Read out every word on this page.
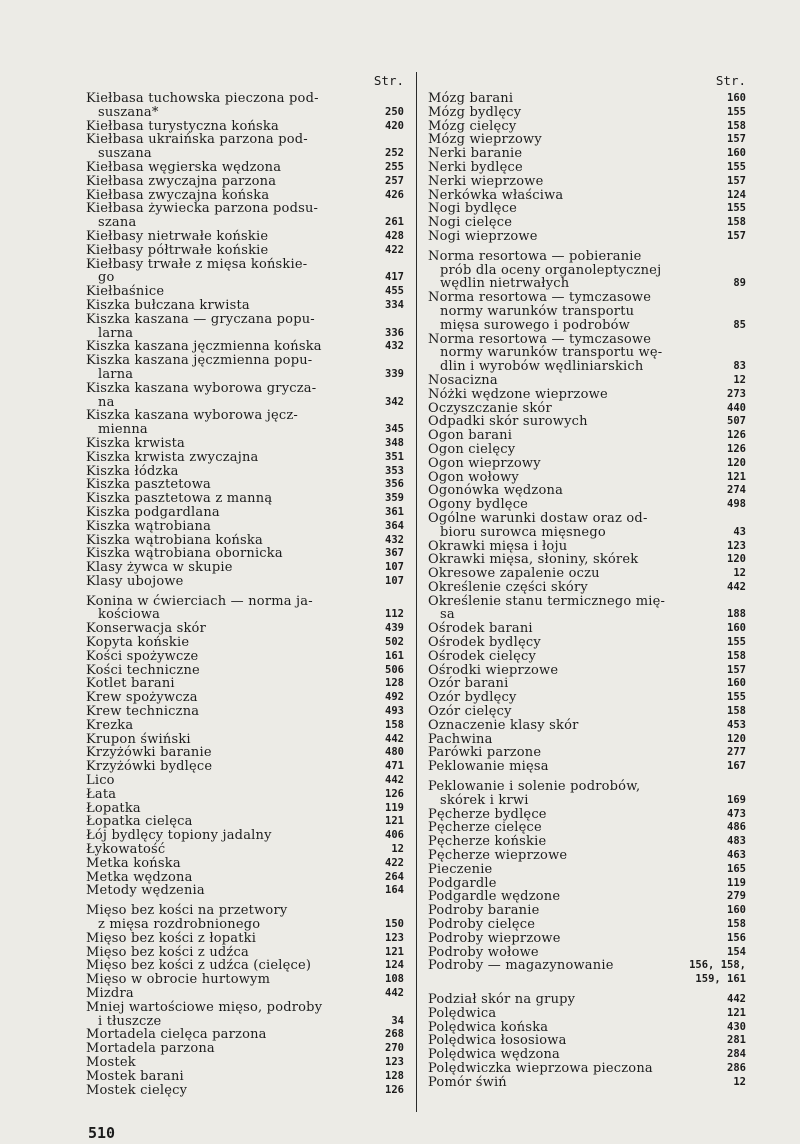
Str.
Kiełbasa tuchowska pieczona pod-

suszana*	250
Kiełbasa turystyczna końska	420
Kiełbasa ukraińska parzona pod-

suszana	252
Kiełbasa węgierska wędzona	255
Kiełbasa zwyczajna parzona	257
Kiełbasa zwyczajna końska	426
Kiełbasa żywiecka parzona podsu-

szana	261
Kiełbasy nietrwałe końskie	428
Kiełbasy półtrwałe końskie	422
Kiełbasy trwałe z mięsa końskie-

go	417
Kiełbaśnice	455
Kiszka bułczana krwista	334
Kiszka kaszana — gryczana popu-

larna	336
Kiszka kaszana jęczmienna końska	432
Kiszka kaszana jęczmienna popu-

larna	339
Kiszka kaszana wyborowa grycza-

na	342
Kiszka kaszana wyborowa jęcz-

mienna	345
Kiszka krwista	348
Kiszka krwista zwyczajna	351
Kiszka łódzka	353
Kiszka pasztetowa	356
Kiszka pasztetowa z manną	359
Kiszka podgardlana	361
Kiszka wątrobiana	364
Kiszka wątrobiana końska	432
Kiszka wątrobiana obornicka	367
Klasy żywca w skupie	107
Klasy ubojowe	107
Konina w ćwierciach — norma ja-

kościowa	112
Konserwacja skór	439
Kopyta końskie	502
Kości spożywcze	161
Kości techniczne	506
Kotlet barani	128
Krew spożywcza	492
Krew techniczna	493
Krezka	158
Krupon świński	442
Krzyżówki baranie	480
Krzyżówki bydlęce	471
Lico	442
Łata	126
Łopatka	119
Łopatka cielęca	121
Łój bydlęcy topiony jadalny	406
Łykowatość	12
Metka końska	422
Metka wędzona	264
Metody wędzenia	164
Mięso bez kości na przetwory

z mięsa rozdrobnionego	150
Mięso bez kości z łopatki	123
Mięso bez kości z udźca	121
Mięso bez kości z udźca (cielęce)	124
Mięso w obrocie hurtowym	108
Mizdra	442
Mniej wartościowe mięso, podroby

i tłuszcze	34
Mortadela cielęca parzona	268
Mortadela parzona	270
Mostek	123
Mostek barani	128
Mostek cielęcy	126
Str.
Mózg barani	160
Mózg bydlęcy	155
Mózg cielęcy	158
Mózg wieprzowy	157
Nerki baranie	160
Nerki bydlęce	155
Nerki wieprzowe	157
Nerkówka właściwa	124
Nogi bydlęce	155
Nogi cielęce	158
Nogi wieprzowe	157
Norma resortowa — pobieranie

prób dla oceny organoleptycznej
wędlin nietrwałych	89
Norma resortowa — tymczasowe

normy warunków transportu
mięsa surowego i podrobów	85
Norma resortowa — tymczasowe

normy warunków transportu wę-
dlin i wyrobów wędliniarskich	83
Nosacizna	12
Nóżki wędzone wieprzowe	273
Oczyszczanie skór	440
Odpadki skór surowych	507
Ogon barani	126
Ogon cielęcy	126
Ogon wieprzowy	120
Ogon wołowy	121
Ogonówka wędzona	274
Ogony bydlęce	498
Ogólne warunki dostaw oraz od-

bioru surowca mięsnego	43
Okrawki mięsa i łoju	123
Okrawki mięsa, słoniny, skórek	120
Okresowe zapalenie oczu	12
Określenie części skóry	442
Określenie stanu termicznego mię-

sa	188
Ośrodek barani	160
Ośrodek bydlęcy	155
Ośrodek cielęcy	158
Ośrodki wieprzowe	157
Ozór barani	160
Ozór bydlęcy	155
Ozór cielęcy	158
Oznaczenie klasy skór	453
Pachwina	120
Parówki parzone	277
Peklowanie mięsa	167
Peklowanie i solenie podrobów,

skórek i krwi	169
Pęcherze bydlęce	473
Pęcherze cielęce	486
Pęcherze końskie	483
Pęcherze wieprzowe	463
Pieczenie	165
Podgardle	119
Podgardle wędzone	279
Podroby baranie	160
Podroby cielęce	158
Podroby wieprzowe	156
Podroby wołowe	154
Podroby — magazynowanie	156, 158,
159, 161
Podział skór na grupy	442
Polędwica	121
Polędwica końska	430
Polędwica łososiowa	281
Polędwica wędzona	284
Polędwiczka wieprzowa pieczona	286
Pomór świń	12
510
